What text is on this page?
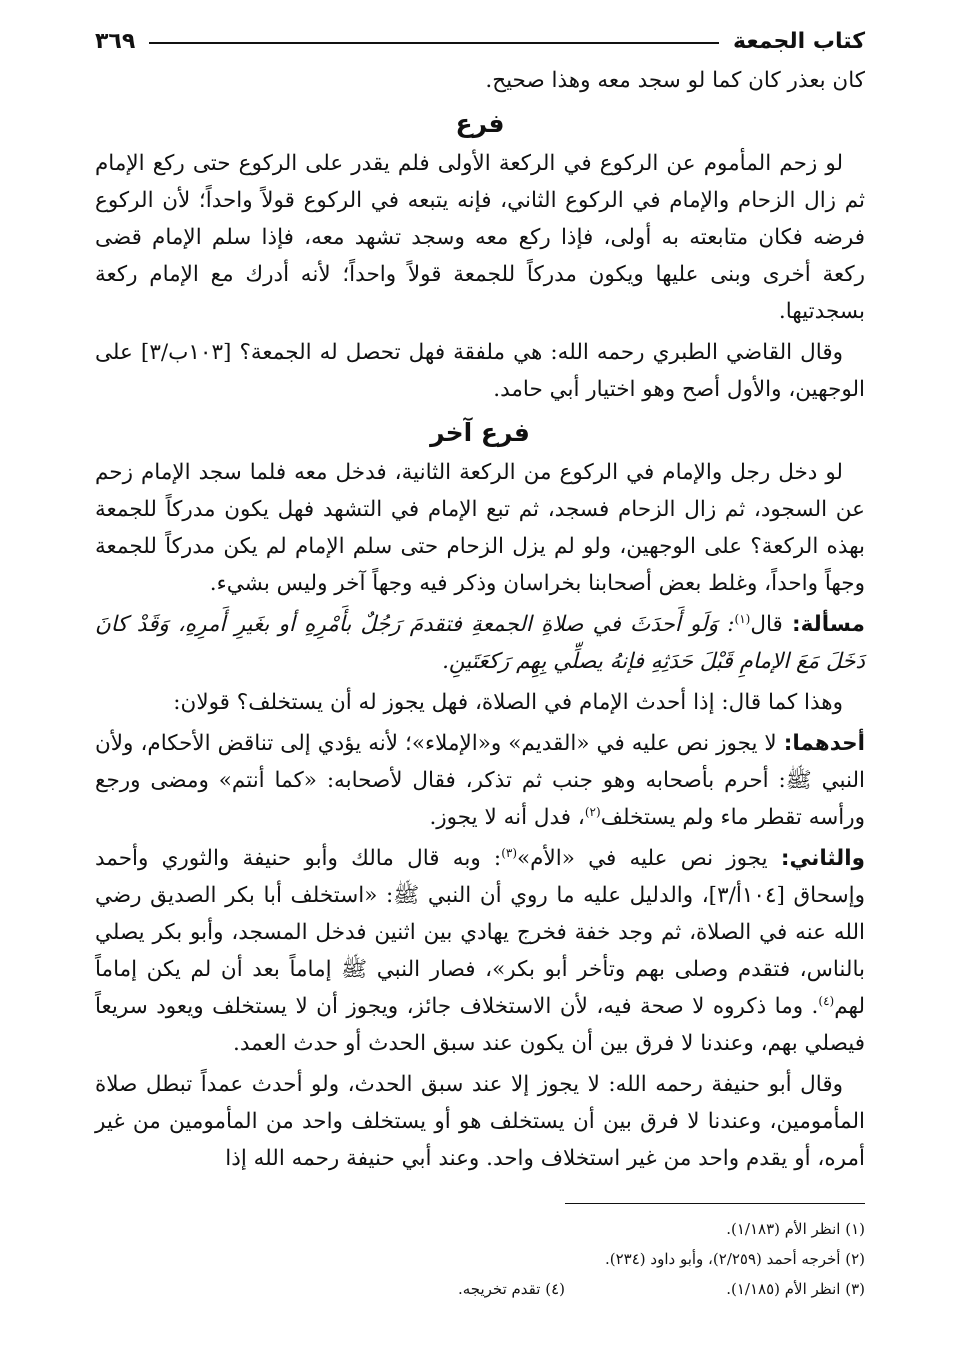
كتاب الجمعة
٣٦٩

كان بعذر كان كما لو سجد معه وهذا صحيح.

فرع

لو زحم المأموم عن الركوع في الركعة الأولى فلم يقدر على الركوع حتى ركع الإمام ثم زال الزحام والإمام في الركوع الثاني، فإنه يتبعه في الركوع قولاً واحداً؛ لأن الركوع فرضه فكان متابعته به أولى، فإذا ركع معه وسجد تشهد معه، فإذا سلم الإمام قضى ركعة أخرى وبنى عليها ويكون مدركاً للجمعة قولاً واحداً؛ لأنه أدرك مع الإمام ركعة بسجدتيها.

وقال القاضي الطبري رحمه الله: هي ملفقة فهل تحصل له الجمعة؟ [١٠٣ب/٣] على الوجهين، والأول أصح وهو اختيار أبي حامد.

فرع آخر

لو دخل رجل والإمام في الركوع من الركعة الثانية، فدخل معه فلما سجد الإمام زحم عن السجود، ثم زال الزحام فسجد، ثم تبع الإمام في التشهد فهل يكون مدركاً للجمعة بهذه الركعة؟ على الوجهين، ولو لم يزل الزحام حتى سلم الإمام لم يكن مدركاً للجمعة وجهاً واحداً، وغلط بعض أصحابنا بخراسان وذكر فيه وجهاً آخر وليس بشيء.

مسألة: قال$^{(١)}$: وَلَو أَحدَثَ في صلاةِ الجمعةِ فتقدمَ رَجُلٌ بأَمْرِهِ أو بغَيرِ أَمرِهِ، وَقَدْ كانَ دَخَلَ مَعَ الإمامِ قَبْلَ حَدَثِهِ فإنهُ يصلِّي بِهِم رَكعَتَينِ.

وهذا كما قال: إذا أحدث الإمام في الصلاة، فهل يجوز له أن يستخلف؟ قولان:

أحدهما: لا يجوز نص عليه في «القديم» و«الإملاء»؛ لأنه يؤدي إلى تناقض الأحكام، ولأن النبي ﷺ: أحرم بأصحابه وهو جنب ثم تذكر، فقال لأصحابه: «كما أنتم» ومضى ورجع ورأسه تقطر ماء ولم يستخلف$^{(٢)}$، فدل أنه لا يجوز.

والثاني: يجوز نص عليه في «الأم»$^{(٣)}$: وبه قال مالك وأبو حنيفة والثوري وأحمد وإسحاق [١٠٤أ/٣]، والدليل عليه ما روي أن النبي ﷺ: «استخلف أبا بكر الصديق رضي الله عنه في الصلاة، ثم وجد خفة فخرج يهادي بين اثنين فدخل المسجد، وأبو بكر يصلي بالناس، فتقدم وصلى بهم وتأخر أبو بكر»، فصار النبي ﷺ إماماً بعد أن لم يكن إماماً لهم$^{(٤)}$. وما ذكروه لا صحة فيه، لأن الاستخلاف جائز، ويجوز أن لا يستخلف ويعود سريعاً فيصلي بهم، وعندنا لا فرق بين أن يكون عند سبق الحدث أو حدث العمد.

وقال أبو حنيفة رحمه الله: لا يجوز إلا عند سبق الحدث، ولو أحدث عمداً تبطل صلاة المأمومين، وعندنا لا فرق بين أن يستخلف هو أو يستخلف واحد من المأمومين من غير أمره، أو يقدم واحد من غير استخلاف واحد. وعند أبي حنيفة رحمه الله إذا

(١) انظر الأم (١/١٨٣).

(٢) أخرجه أحمد (٢/٢٥٩)، وأبو داود (٢٣٤).

(٣) انظر الأم (١/١٨٥).

(٤) تقدم تخريجه.
